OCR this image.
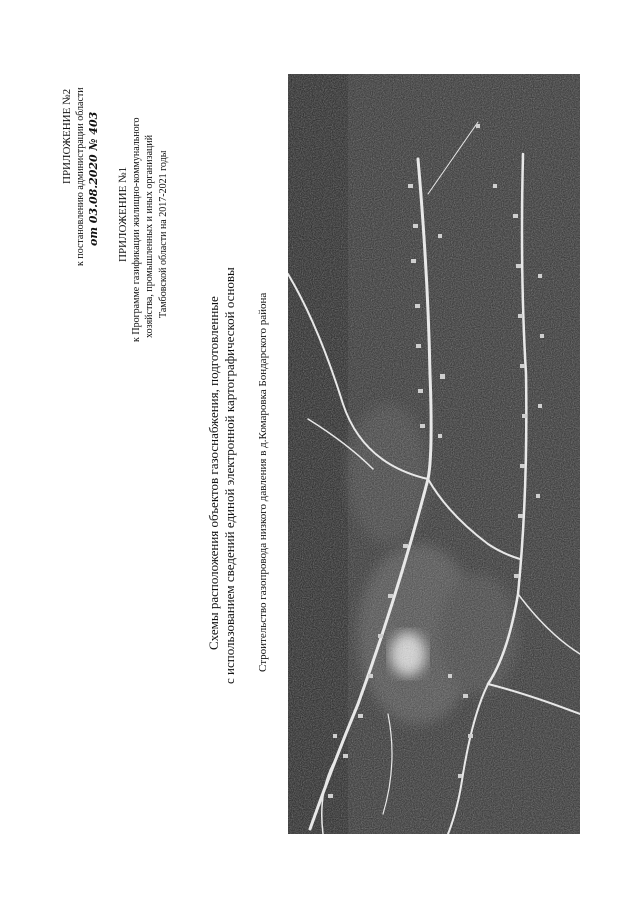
ПРИЛОЖЕНИЕ №2 к постановлению администрации области от 03.08.2020 № 403 ПРИЛОЖЕНИЕ №1 к Программе газификации жилищно-коммунального хозяйства, промышленных и иных организаций Тамбовской области на 2017-2021 годы
Схемы расположения объектов газоснабжения, подготовленные с использованием сведений единой электронной картографической основы Строительство газопровода низкого давления в д.Комаровка Бондарского района
